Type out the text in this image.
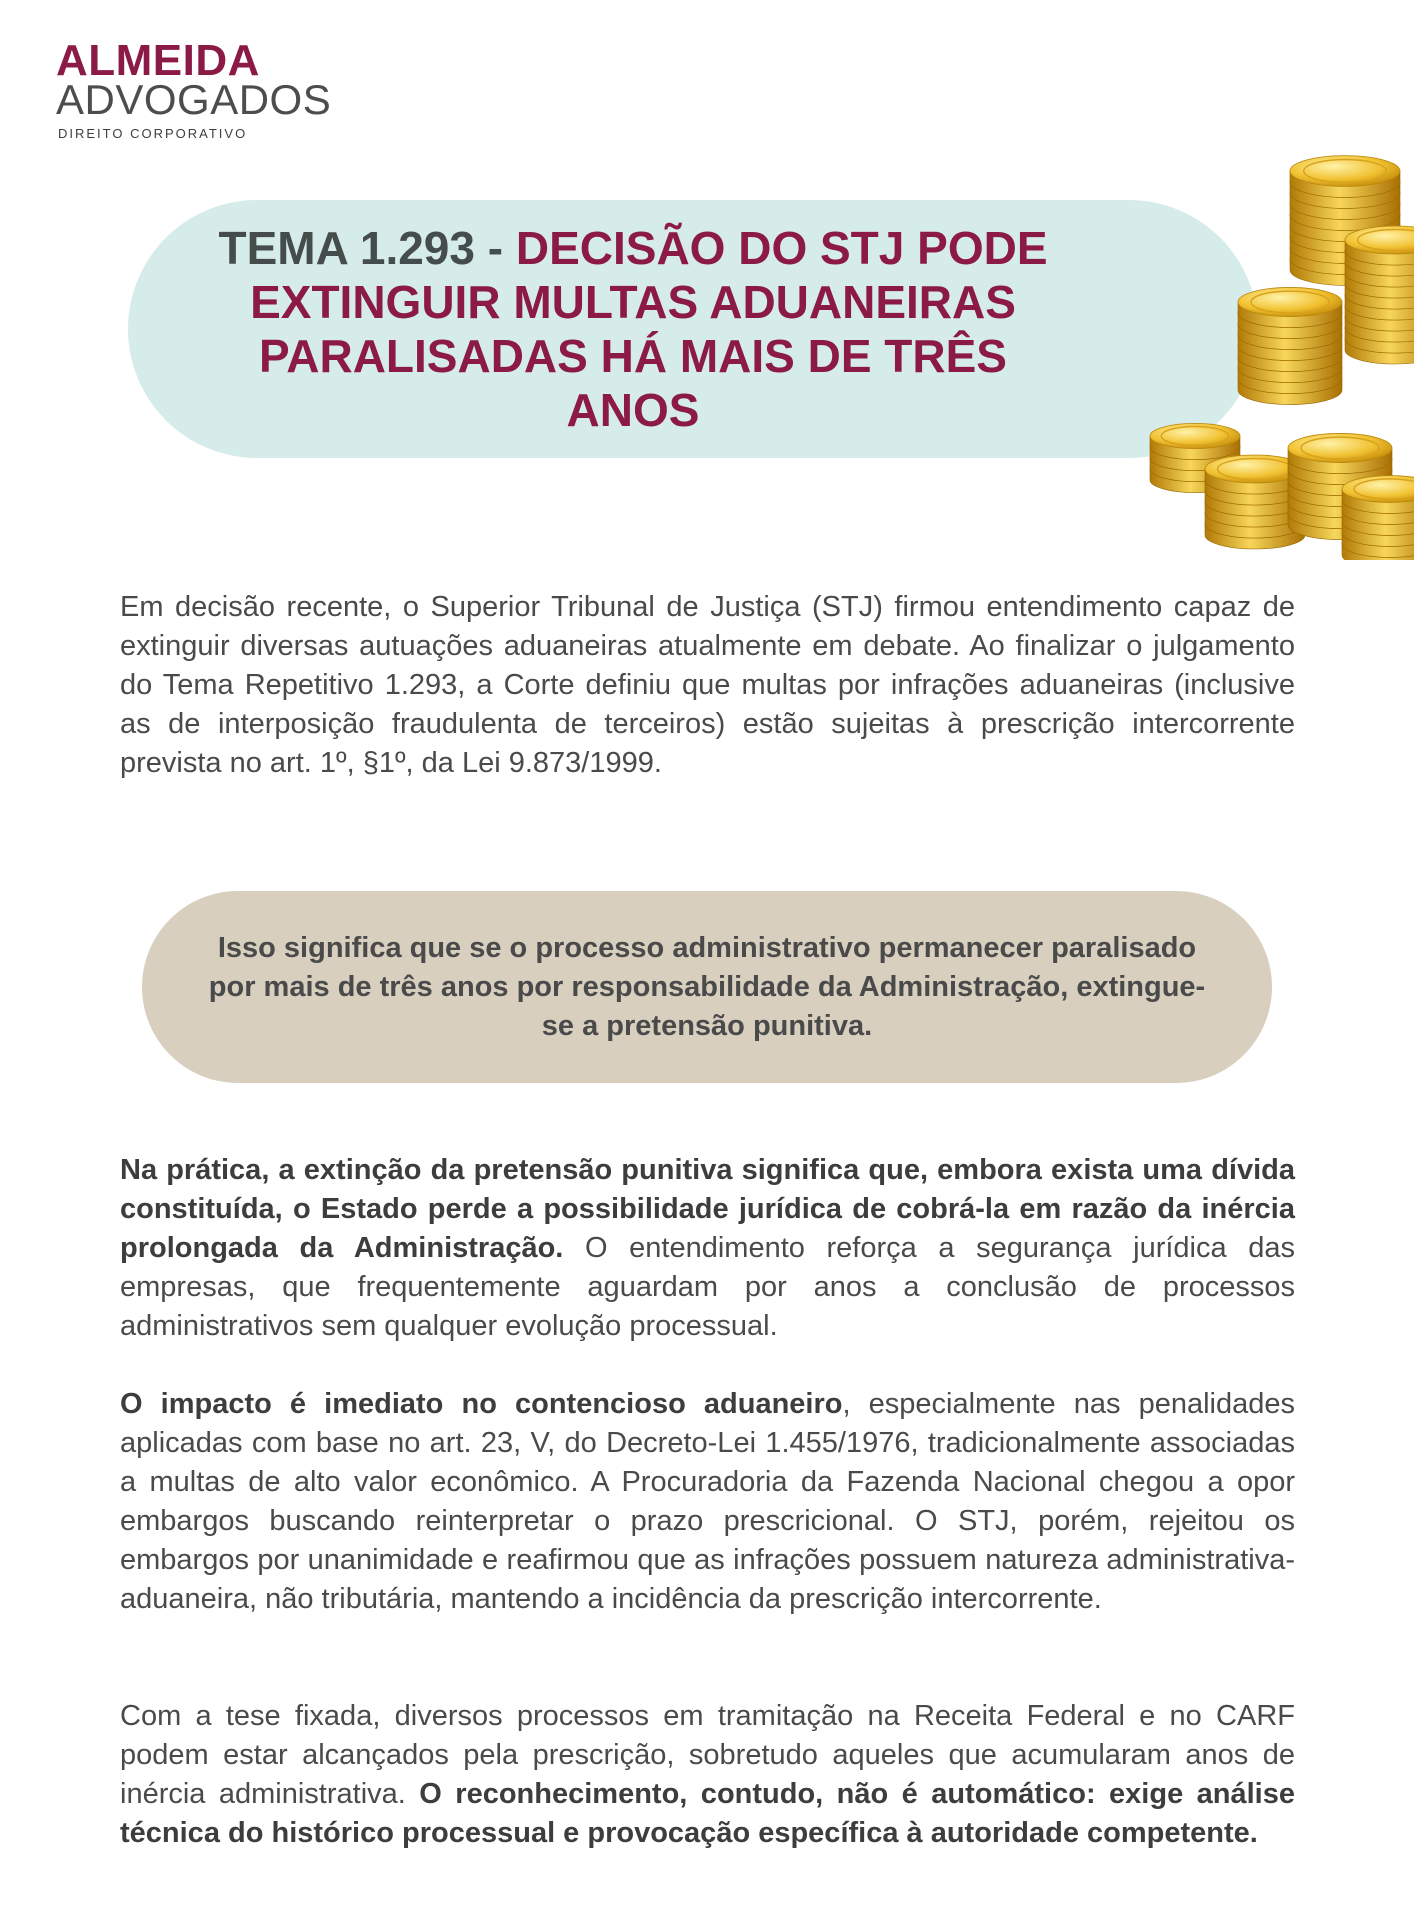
ALMEIDA
ADVOGADOS
DIREITO CORPORATIVO
TEMA 1.293 - DECISÃO DO STJ PODE EXTINGUIR MULTAS ADUANEIRAS PARALISADAS HÁ MAIS DE TRÊS ANOS
Em decisão recente, o Superior Tribunal de Justiça (STJ) firmou entendimento capaz de extinguir diversas autuações aduaneiras atualmente em debate. Ao finalizar o julgamento do Tema Repetitivo 1.293, a Corte definiu que multas por infrações aduaneiras (inclusive as de interposição fraudulenta de terceiros) estão sujeitas à prescrição intercorrente prevista no art. 1º, §1º, da Lei 9.873/1999.
Isso significa que se o processo administrativo permanecer paralisado por mais de três anos por responsabilidade da Administração, extingue-se a pretensão punitiva.
Na prática, a extinção da pretensão punitiva significa que, embora exista uma dívida constituída, o Estado perde a possibilidade jurídica de cobrá-la em razão da inércia prolongada da Administração. O entendimento reforça a segurança jurídica das empresas, que frequentemente aguardam por anos a conclusão de processos administrativos sem qualquer evolução processual.
O impacto é imediato no contencioso aduaneiro, especialmente nas penalidades aplicadas com base no art. 23, V, do Decreto-Lei 1.455/1976, tradicionalmente associadas a multas de alto valor econômico. A Procuradoria da Fazenda Nacional chegou a opor embargos buscando reinterpretar o prazo prescricional. O STJ, porém, rejeitou os embargos por unanimidade e reafirmou que as infrações possuem natureza administrativa-aduaneira, não tributária, mantendo a incidência da prescrição intercorrente.
Com a tese fixada, diversos processos em tramitação na Receita Federal e no CARF podem estar alcançados pela prescrição, sobretudo aqueles que acumularam anos de inércia administrativa. O reconhecimento, contudo, não é automático: exige análise técnica do histórico processual e provocação específica à autoridade competente.
